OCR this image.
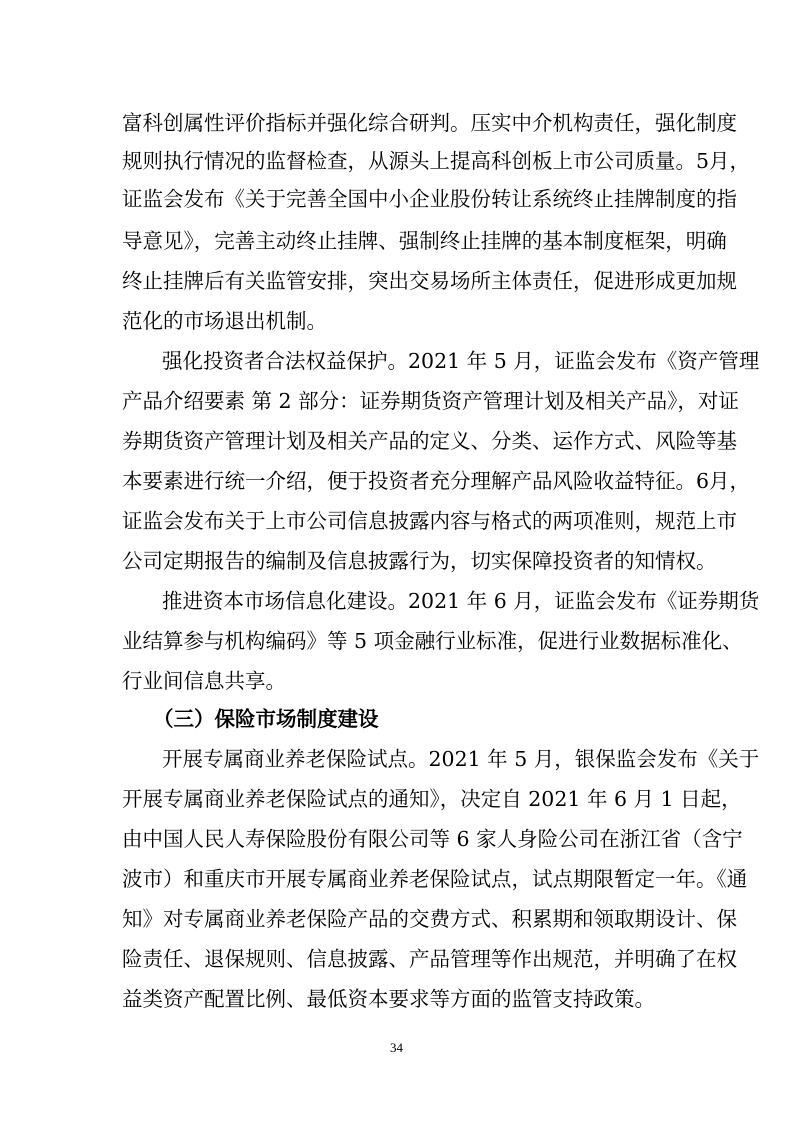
富科创属性评价指标并强化综合研判。压实中介机构责任，强化制度
规则执行情况的监督检查，从源头上提高科创板上市公司质量。5月，
证监会发布《关于完善全国中小企业股份转让系统终止挂牌制度的指
导意见》，完善主动终止挂牌、强制终止挂牌的基本制度框架，明确
终止挂牌后有关监管安排，突出交易场所主体责任，促进形成更加规
范化的市场退出机制。
强化投资者合法权益保护。2021 年 5 月，证监会发布《资产管理
产品介绍要素 第 2 部分：证券期货资产管理计划及相关产品》，对证
券期货资产管理计划及相关产品的定义、分类、运作方式、风险等基
本要素进行统一介绍，便于投资者充分理解产品风险收益特征。6月，
证监会发布关于上市公司信息披露内容与格式的两项准则，规范上市
公司定期报告的编制及信息披露行为，切实保障投资者的知情权。
推进资本市场信息化建设。2021 年 6 月，证监会发布《证券期货
业结算参与机构编码》等 5 项金融行业标准，促进行业数据标准化、
行业间信息共享。
（三）保险市场制度建设
开展专属商业养老保险试点。2021 年 5 月，银保监会发布《关于
开展专属商业养老保险试点的通知》，决定自 2021 年 6 月 1 日起，
由中国人民人寿保险股份有限公司等 6 家人身险公司在浙江省（含宁
波市）和重庆市开展专属商业养老保险试点，试点期限暂定一年。《通
知》对专属商业养老保险产品的交费方式、积累期和领取期设计、保
险责任、退保规则、信息披露、产品管理等作出规范，并明确了在权
益类资产配置比例、最低资本要求等方面的监管支持政策。
34
